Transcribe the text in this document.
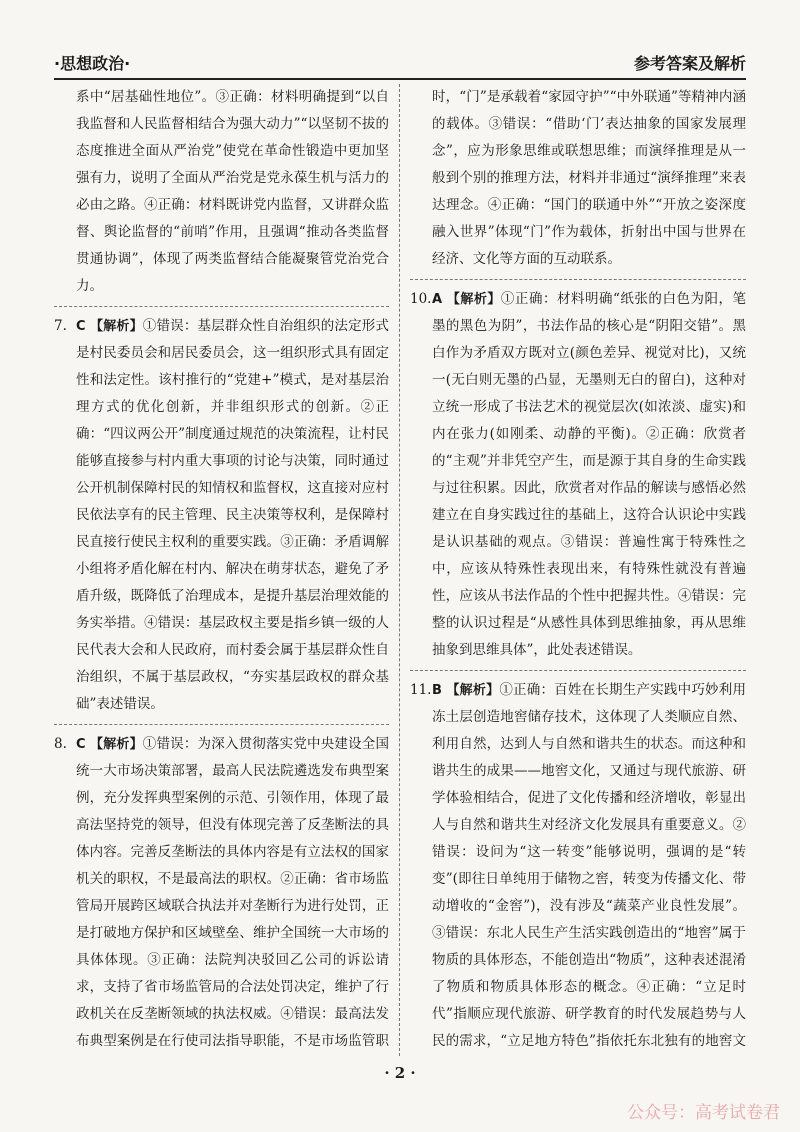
·思想政治·	参考答案及解析

系中“居基础性地位”。③正确：材料明确提到“以自我监督和人民监督相结合为强大动力”“以坚韧不拔的态度推进全面从严治党”使党在革命性锻造中更加坚强有力，说明了全面从严治党是党永葆生机与活力的必由之路。④正确：材料既讲党内监督，又讲群众监督、舆论监督的“前哨”作用，且强调“推动各类监督贯通协调”，体现了两类监督结合能凝聚管党治党合力。

7. C 【解析】①错误：基层群众性自治组织的法定形式是村民委员会和居民委员会，这一组织形式具有固定性和法定性。该村推行的“党建+”模式，是对基层治理方式的优化创新，并非组织形式的创新。②正确：“四议两公开”制度通过规范的决策流程，让村民能够直接参与村内重大事项的讨论与决策，同时通过公开机制保障村民的知情权和监督权，这直接对应村民依法享有的民主管理、民主决策等权利，是保障村民直接行使民主权利的重要实践。③正确：矛盾调解小组将矛盾化解在村内、解决在萌芽状态，避免了矛盾升级，既降低了治理成本，是提升基层治理效能的务实举措。④错误：基层政权主要是指乡镇一级的人民代表大会和人民政府，而村委会属于基层群众性自治组织，不属于基层政权，“夯实基层政权的群众基础”表述错误。

8. C 【解析】①错误：为深入贯彻落实党中央建设全国统一大市场决策部署，最高人民法院遴选发布典型案例，充分发挥典型案例的示范、引领作用，体现了最高法坚持党的领导，但没有体现完善了反垄断法的具体内容。完善反垄断法的具体内容是有立法权的国家机关的职权，不是最高法的职权。②正确：省市场监管局开展跨区域联合执法并对垄断行为进行处罚，正是打破地方保护和区域壁垒、维护全国统一大市场的具体体现。③正确：法院判决驳回乙公司的诉讼请求，支持了省市场监管局的合法处罚决定，维护了行政机关在反垄断领域的执法权威。④错误：最高法发布典型案例是在行使司法指导职能，不是市场监管职

时，“门”是承载着“家园守护”“中外联通”等精神内涵的载体。③错误：“借助‘门’表达抽象的国家发展理念”，应为形象思维或联想思维；而演绎推理是从一般到个别的推理方法，材料并非通过“演绎推理”来表达理念。④正确：“国门的联通中外”“开放之姿深度融入世界”体现“门”作为载体，折射出中国与世界在经济、文化等方面的互动联系。

10. A 【解析】①正确：材料明确“纸张的白色为阳，笔墨的黑色为阴”，书法作品的核心是“阴阳交错”。黑白作为矛盾双方既对立(颜色差异、视觉对比)，又统一(无白则无墨的凸显，无墨则无白的留白)，这种对立统一形成了书法艺术的视觉层次(如浓淡、虚实)和内在张力(如刚柔、动静的平衡)。②正确：欣赏者的“主观”并非凭空产生，而是源于其自身的生命实践与过往积累。因此，欣赏者对作品的解读与感悟必然建立在自身实践过往的基础上，这符合认识论中实践是认识基础的观点。③错误：普遍性寓于特殊性之中，应该从特殊性表现出来，有特殊性就没有普遍性，应该从书法作品的个性中把握共性。④错误：完整的认识过程是“从感性具体到思维抽象，再从思维抽象到思维具体”，此处表述错误。

11. B 【解析】①正确：百姓在长期生产实践中巧妙利用冻土层创造地窖储存技术，这体现了人类顺应自然、利用自然，达到人与自然和谐共生的状态。而这种和谐共生的成果——地窖文化，又通过与现代旅游、研学体验相结合，促进了文化传播和经济增收，彰显出人与自然和谐共生对经济文化发展具有重要意义。②错误：设问为“这一转变”能够说明，强调的是“转变”(即往日单纯用于储物之窖，转变为传播文化、带动增收的“金窖”)，没有涉及“蔬菜产业良性发展”。③错误：东北人民生产生活实践创造出的“地窖”属于物质的具体形态，不能创造出“物质”，这种表述混淆了物质和物质具体形态的概念。④正确：“立足时代”指顺应现代旅游、研学教育的时代发展趋势与人民的需求，“立足地方特色”指依托东北独有的地窖文

· 2 ·
公众号：高考试卷君
